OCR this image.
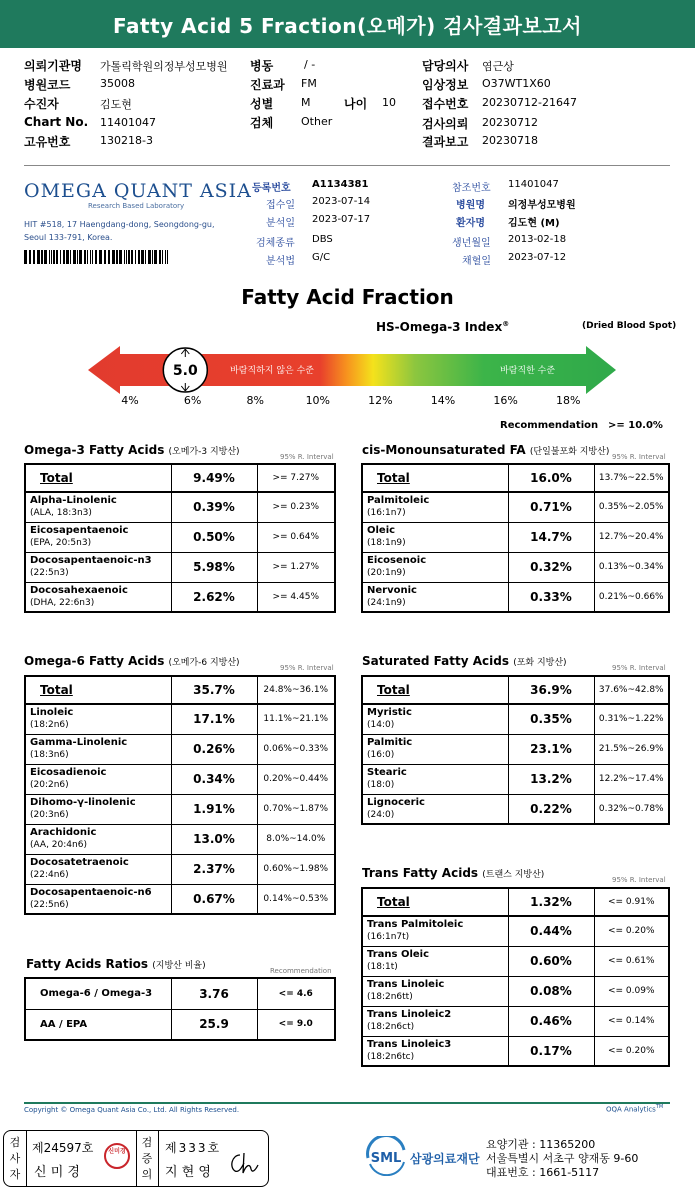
Fatty Acid 5 Fraction(오메가) 검사결과보고서
의뢰기관명 가톨릭학원의정부성모병원 병동	/ -	담당의사 염근상
병원코드	35008	진료과 FM	임상정보 O37WT1X60
수진자	김도현	성별	M	나이 10 접수번호 20230712-21647
Chart No. 11401047	검체	Other	검사의뢰 20230712
고유번호	130218-3	결과보고 20230718
OMEGA QUANT ASIA
Research Based Laboratory
HIT #518, 17 Haengdang-dong, Seongdong-gu,
Seoul 133-791, Korea.
등록번호 A1134381	참조번호 11401047
접수일 2023-07-14	병원명 의정부성모병원
분석일 2023-07-17	환자명 김도현 (M)
검체종류 DBS	생년월일 2013-02-18
분석법 G/C	채혈일 2023-07-12
Fatty Acid Fraction
HS-Omega-3 Index®	(Dried Blood Spot)
바람직하지 않은 수준	바람직한 수준
5.0
4%	6%	8%	10%	12%	14%	16%	18%
Recommendation >= 10.0%
Omega-3 Fatty Acids (오메가-3 지방산)	95% R. Interval
Total	9.49%	>= 7.27%
Alpha-Linolenic
(ALA, 18:3n3)	0.39%	>= 0.23%
Eicosapentaenoic
(EPA, 20:5n3)	0.50%	>= 0.64%
Docosapentaenoic-n3
(22:5n3)	5.98%	>= 1.27%
Docosahexaenoic
(DHA, 22:6n3)	2.62%	>= 4.45%
cis-Monounsaturated FA (단일불포화 지방산) 95% R. Interval
Total	16.0%	13.7%~22.5%
Palmitoleic
(16:1n7)	0.71%	0.35%~2.05%
Oleic
(18:1n9)	14.7%	12.7%~20.4%
Eicosenoic
(20:1n9)	0.32%	0.13%~0.34%
Nervonic
(24:1n9)	0.33%	0.21%~0.66%
Omega-6 Fatty Acids (오메가-6 지방산)	95% R. Interval
Total	35.7%	24.8%~36.1%
Linoleic
(18:2n6)	17.1%	11.1%~21.1%
Gamma-Linolenic
(18:3n6)	0.26%	0.06%~0.33%
Eicosadienoic
(20:2n6)	0.34%	0.20%~0.44%
Dihomo-γ-linolenic
(20:3n6)	1.91%	0.70%~1.87%
Arachidonic
(AA, 20:4n6)	13.0%	8.0%~14.0%
Docosatetraenoic
(22:4n6)	2.37%	0.60%~1.98%
Docosapentaenoic-n6
(22:5n6)	0.67%	0.14%~0.53%
Saturated Fatty Acids (포화 지방산)	95% R. Interval
Total	36.9%	37.6%~42.8%
Myristic
(14:0)	0.35%	0.31%~1.22%
Palmitic
(16:0)	23.1%	21.5%~26.9%
Stearic
(18:0)	13.2%	12.2%~17.4%
Lignoceric
(24:0)	0.22%	0.32%~0.78%
Trans Fatty Acids (트랜스 지방산)	95% R. Interval
Total	1.32%	<= 0.91%
Trans Palmitoleic
(16:1n7t)	0.44%	<= 0.20%
Trans Oleic
(18:1t)	0.60%	<= 0.61%
Trans Linoleic
(18:2n6tt)	0.08%	<= 0.09%
Trans Linoleic2
(18:2n6ct)	0.46%	<= 0.14%
Trans Linoleic3
(18:2n6tc)	0.17%	<= 0.20%
Fatty Acids Ratios (지방산 비율)	Recommendation
Omega-6 / Omega-3	3.76	<= 4.6
AA / EPA	25.9	<= 9.0
Copyright © Omega Quant Asia Co., Ltd. All Rights Reserved.	OQA Analytics™
검사자
제24597호
신 미 경
신미경
검증의
제333호
지 현 영
SML 삼광의료재단
요양기관 : 11365200
서울특별시 서초구 양재동 9-60
대표번호 : 1661-5117
